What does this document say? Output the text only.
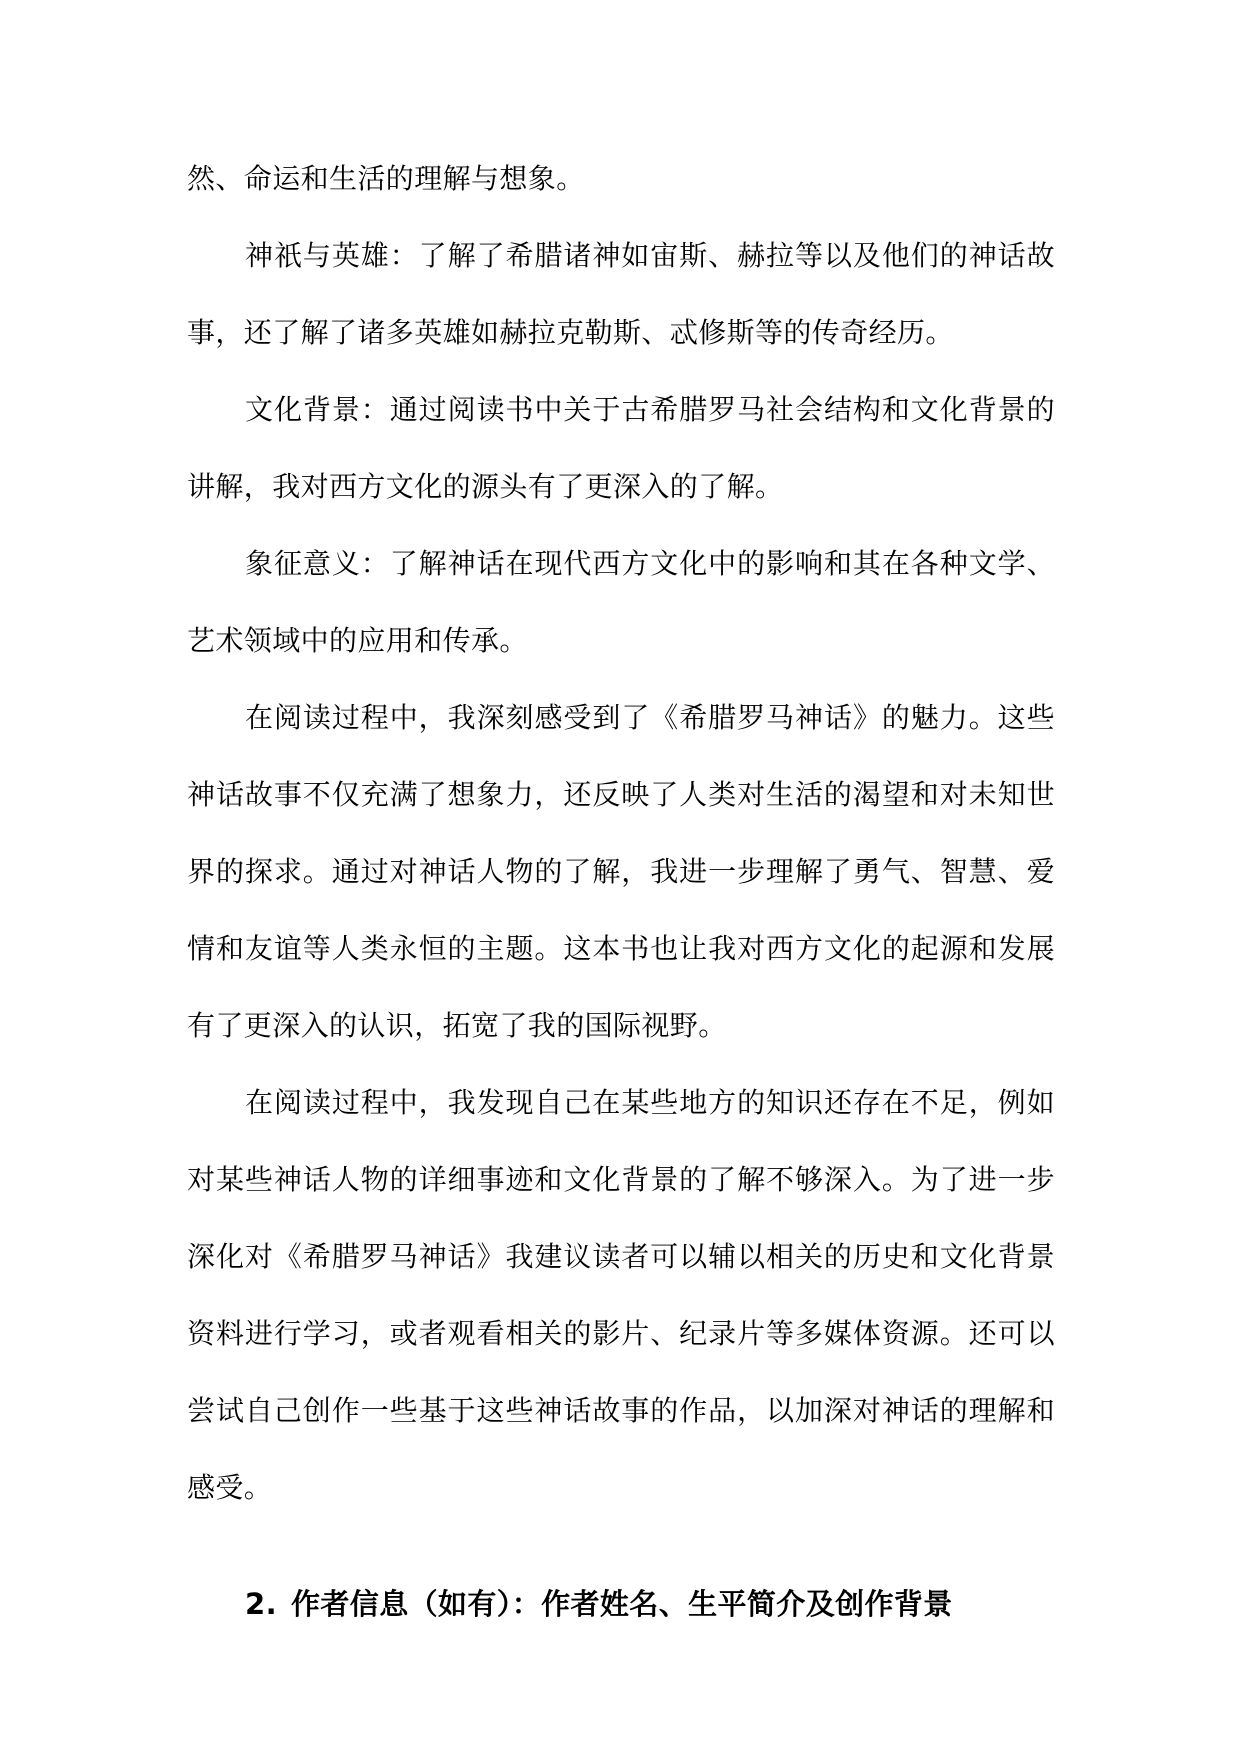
然、命运和生活的理解与想象。

神祇与英雄：了解了希腊诸神如宙斯、赫拉等以及他们的神话故事，还了解了诸多英雄如赫拉克勒斯、忒修斯等的传奇经历。

文化背景：通过阅读书中关于古希腊罗马社会结构和文化背景的讲解，我对西方文化的源头有了更深入的了解。

象征意义：了解神话在现代西方文化中的影响和其在各种文学、艺术领域中的应用和传承。

在阅读过程中，我深刻感受到了《希腊罗马神话》的魅力。这些神话故事不仅充满了想象力，还反映了人类对生活的渴望和对未知世界的探求。通过对神话人物的了解，我进一步理解了勇气、智慧、爱情和友谊等人类永恒的主题。这本书也让我对西方文化的起源和发展有了更深入的认识，拓宽了我的国际视野。

在阅读过程中，我发现自己在某些地方的知识还存在不足，例如对某些神话人物的详细事迹和文化背景的了解不够深入。为了进一步深化对《希腊罗马神话》我建议读者可以辅以相关的历史和文化背景资料进行学习，或者观看相关的影片、纪录片等多媒体资源。还可以尝试自己创作一些基于这些神话故事的作品，以加深对神话的理解和感受。

2. 作者信息（如有）：作者姓名、生平简介及创作背景
